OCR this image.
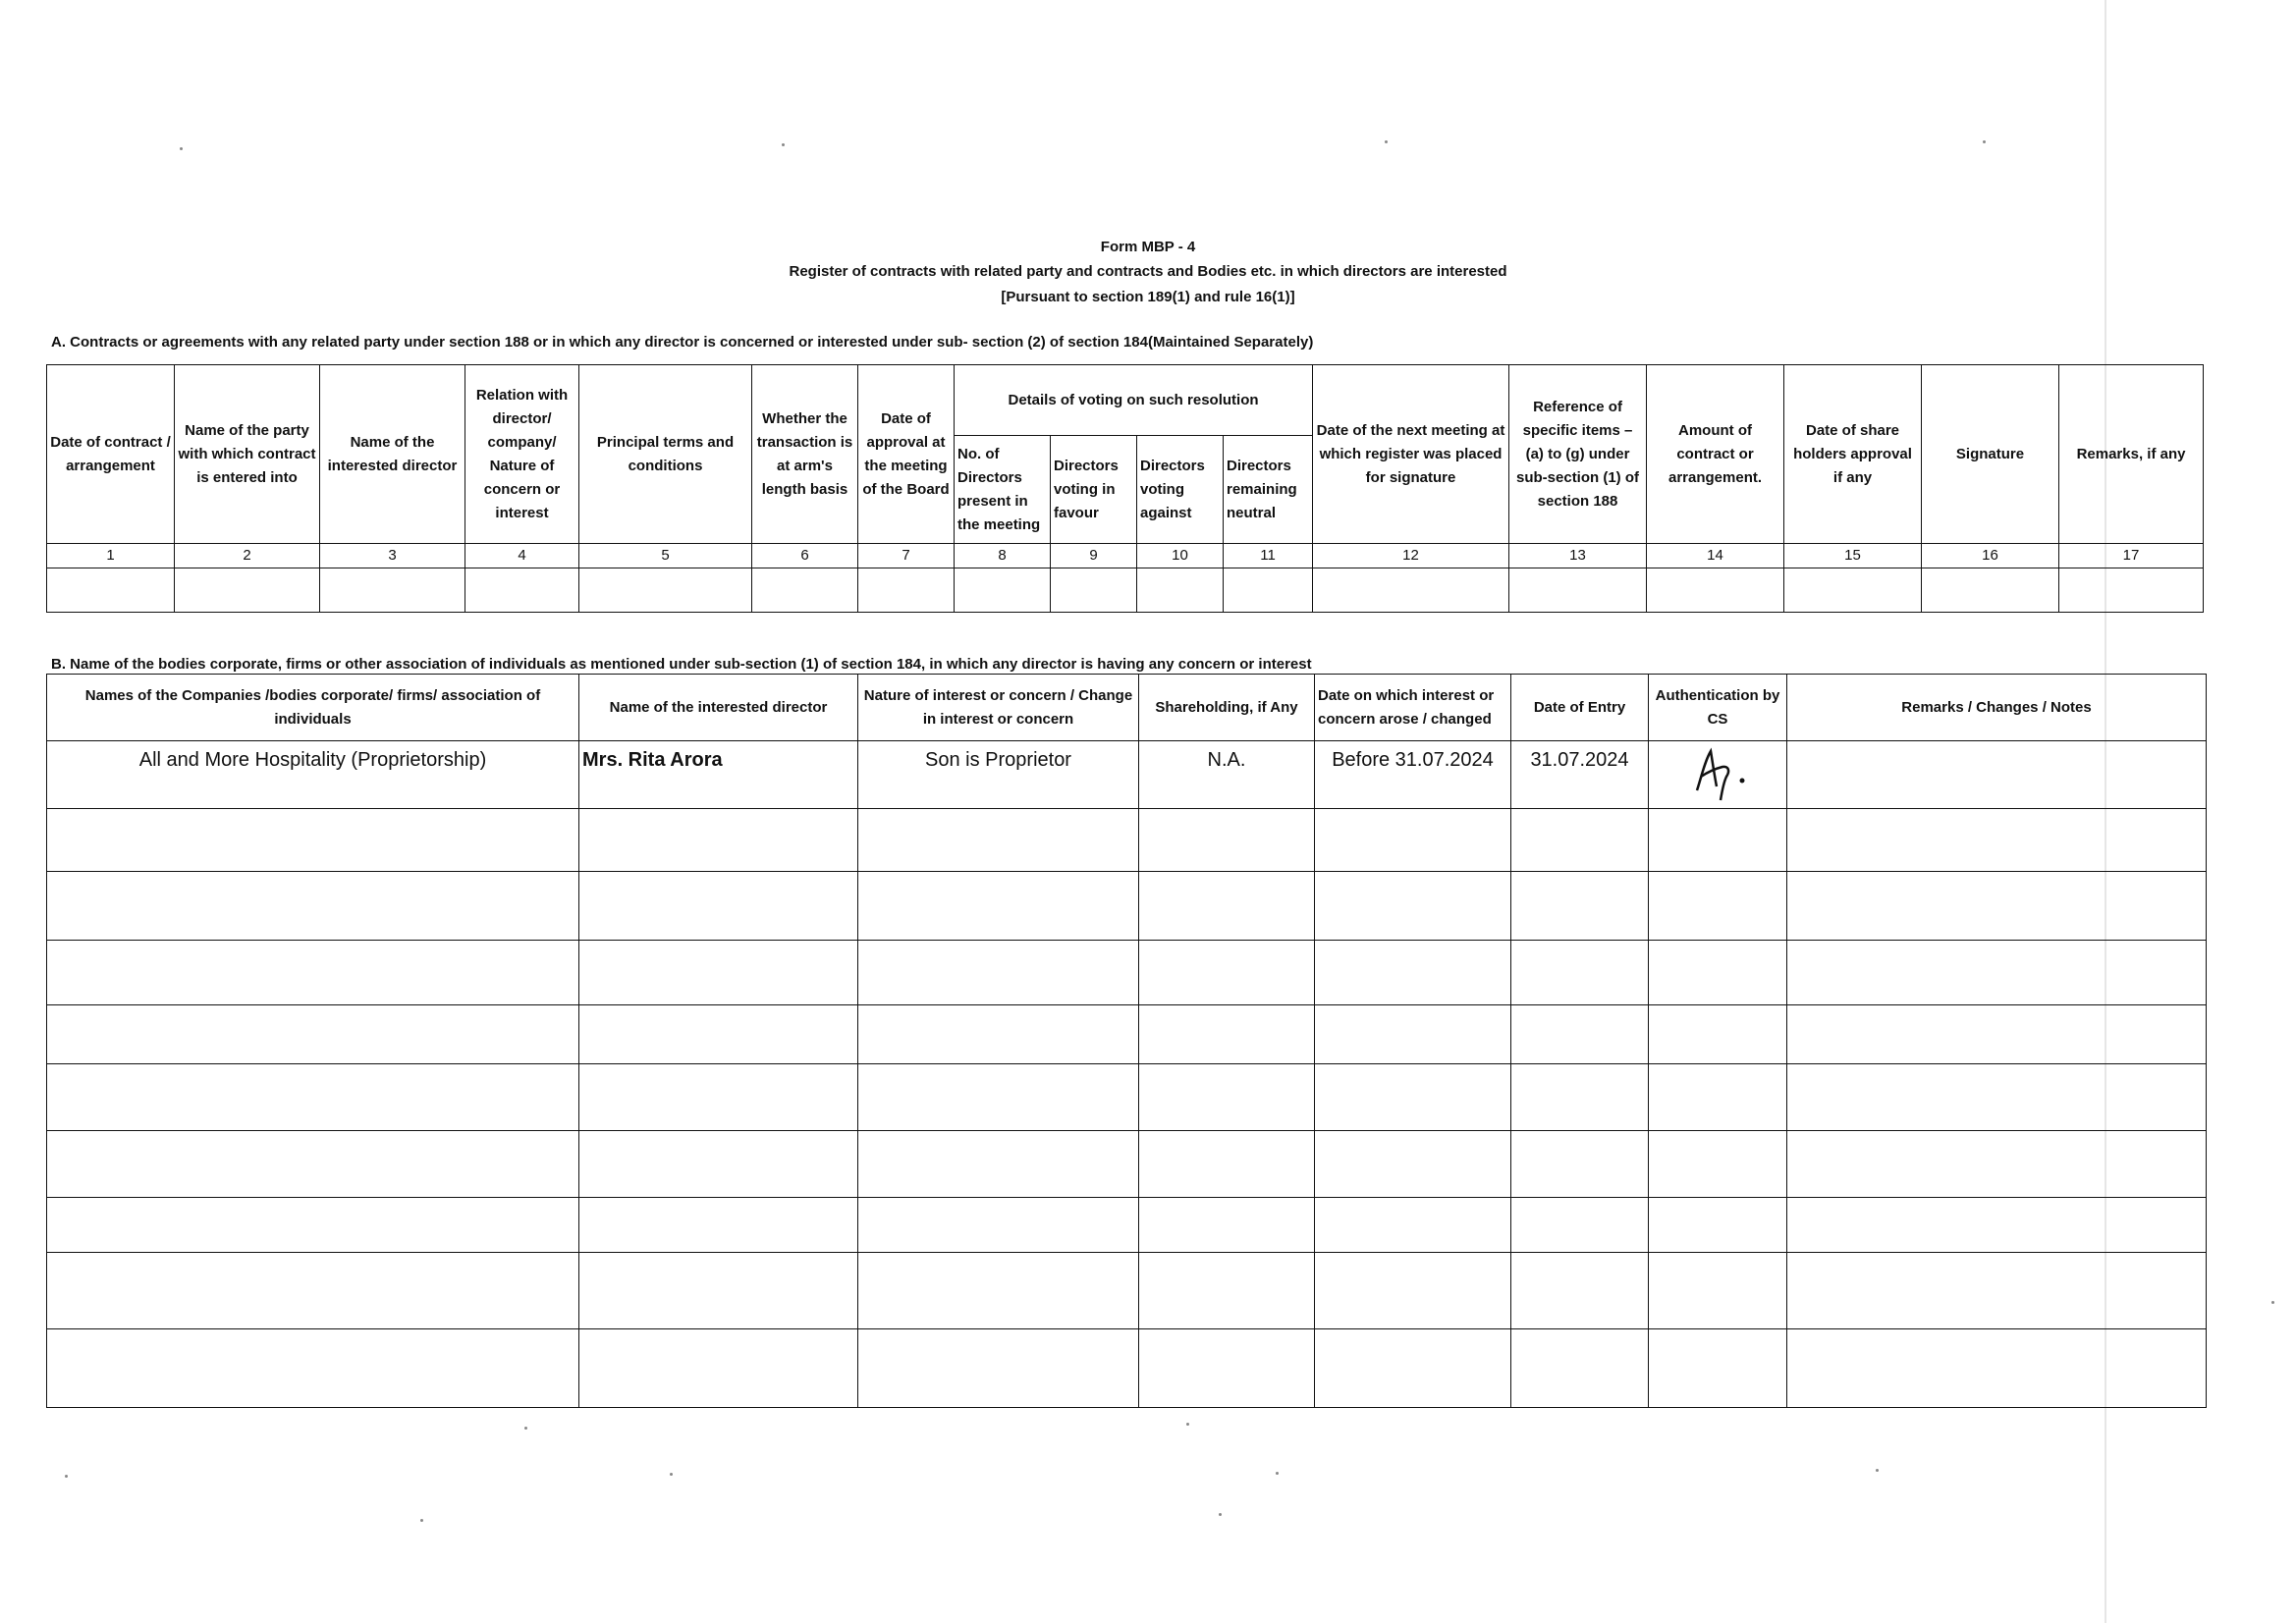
Form MBP - 4
Register of contracts with related party and contracts and Bodies etc. in which directors are interested
[Pursuant to section 189(1) and rule 16(1)]
A. Contracts or agreements with any related party under section 188 or in which any director is concerned or interested under sub- section (2) of section 184(Maintained Separately)
Date of contract / arrangement	Name of the party with which contract is entered into	Name of the interested director	Relation with director/ company/ Nature of concern or interest	Principal terms and conditions	Whether the transaction is at arm's length basis	Date of approval at the meeting of the Board	Details of voting on such resolution				Date of the next meeting at which register was placed for signature	Reference of specific items – (a) to (g) under sub-section (1) of section 188	Amount of contract or arrangement.	Date of share holders approval if any	Signature	Remarks, if any
							No. of Directors present in the meeting	Directors voting in favour	Directors voting against	Directors remaining neutral						
1	2	3	4	5	6	7	8	9	10	11	12	13	14	15	16	17

B. Name of the bodies corporate, firms or other association of individuals as mentioned under sub-section (1) of section 184, in which any director is having any concern or interest
Names of the Companies /bodies corporate/ firms/ association of individuals	Name of the interested director	Nature of interest or concern / Change in interest or concern	Shareholding, if Any	Date on which interest or concern arose / changed	Date of Entry	Authentication by CS	Remarks / Changes / Notes
All and More Hospitality (Proprietorship)	Mrs. Rita Arora	Son is Proprietor	N.A.	Before 31.07.2024	31.07.2024	
